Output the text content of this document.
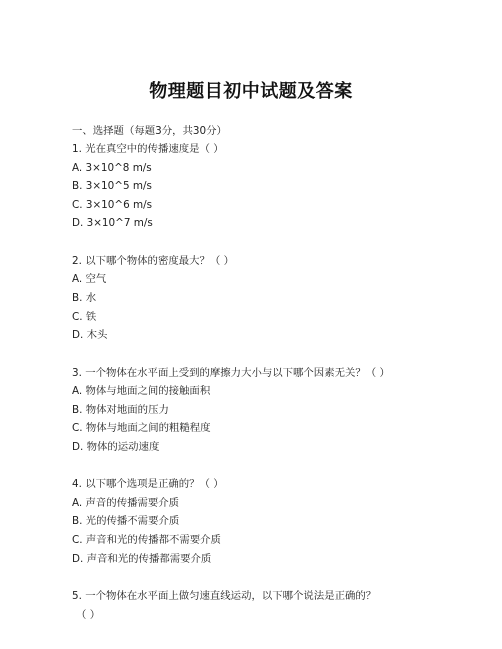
物理题目初中试题及答案
一、选择题（每题3分，共30分）
1. 光在真空中的传播速度是（ ）
A. 3×10^8 m/s
B. 3×10^5 m/s
C. 3×10^6 m/s
D. 3×10^7 m/s
2. 以下哪个物体的密度最大？（ ）
A. 空气
B. 水
C. 铁
D. 木头
3. 一个物体在水平面上受到的摩擦力大小与以下哪个因素无关？（ ）
A. 物体与地面之间的接触面积
B. 物体对地面的压力
C. 物体与地面之间的粗糙程度
D. 物体的运动速度
4. 以下哪个选项是正确的？（ ）
A. 声音的传播需要介质
B. 光的传播不需要介质
C. 声音和光的传播都不需要介质
D. 声音和光的传播都需要介质
5. 一个物体在水平面上做匀速直线运动，以下哪个说法是正确的？
（ ）
